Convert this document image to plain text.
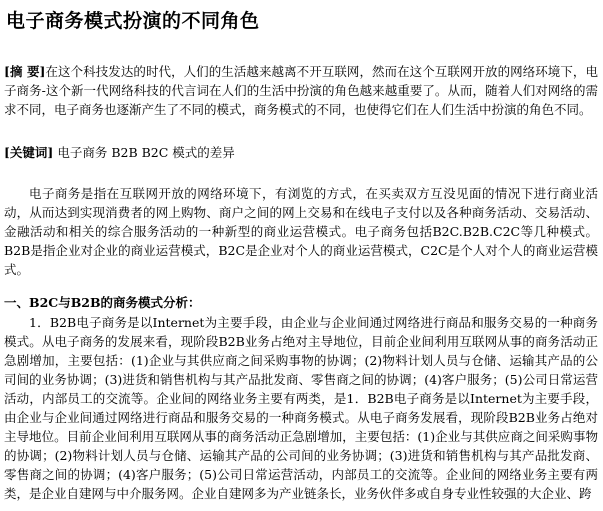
电子商务模式扮演的不同角色
[摘 要]在这个科技发达的时代，人们的生活越来越离不开互联网，然而在这个互联网开放的网络环境下，电子商务-这个新一代网络科技的代言词在人们的生活中扮演的角色越来越重要了。从而，随着人们对网络的需求不同，电子商务也逐渐产生了不同的模式，商务模式的不同，也使得它们在人们生活中扮演的角色不同。
[关键词] 电子商务 B2B B2C 模式的差异
电子商务是指在互联网开放的网络环境下，有浏览的方式，在买卖双方互没见面的情况下进行商业活动，从而达到实现消费者的网上购物、商户之间的网上交易和在线电子支付以及各种商务活动、交易活动、金融活动和相关的综合服务活动的一种新型的商业运营模式。电子商务包括B2C.B2B.C2C等几种模式。B2B是指企业对企业的商业运营模式，B2C是企业对个人的商业运营模式，C2C是个人对个人的商业运营模式。
一、B2C与B2B的商务模式分析：
1．B2B电子商务是以Internet为主要手段，由企业与企业间通过网络进行商品和服务交易的一种商务模式。从电子商务的发展来看，现阶段B2B业务占绝对主导地位，目前企业间利用互联网从事的商务活动正急剧增加，主要包括：(1)企业与其供应商之间采购事物的协调；(2)物料计划人员与仓储、运输其产品的公司间的业务协调；(3)进货和销售机构与其产品批发商、零售商之间的协调；(4)客户服务；(5)公司日常运营活动，内部员工的交流等。企业间的网络业务主要有两类，是1．B2B电子商务是以Internet为主要手段，由企业与企业间通过网络进行商品和服务交易的一种商务模式。从电子商务发展看，现阶段B2B业务占绝对主导地位。目前企业间利用互联网从事的商务活动正急剧增加，主要包括：(1)企业与其供应商之间采购事物的协调；(2)物料计划人员与仓储、运输其产品的公司间的业务协调；(3)进货和销售机构与其产品批发商、零售商之间的协调；(4)客户服务；(5)公司日常运营活动，内部员工的交流等。企业间的网络业务主要有两类，是企业自建网与中介服务网。企业自建网多为产业链条长，业务伙伴多或自身专业性较强的大企业、跨
